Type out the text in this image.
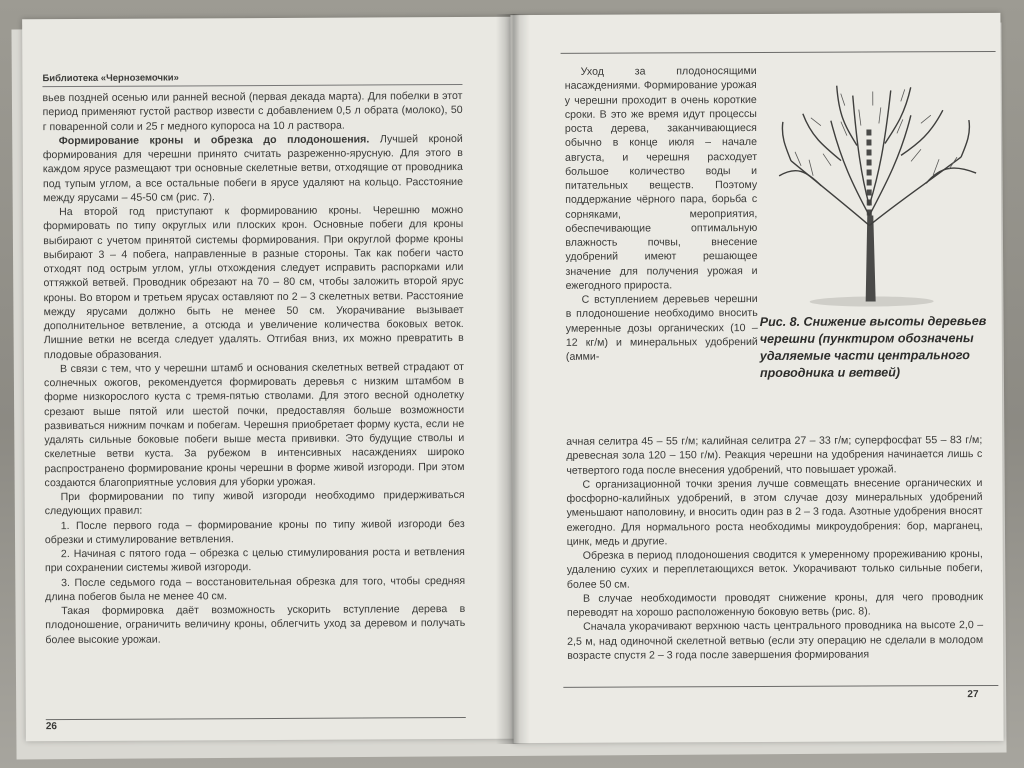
Библиотека «Черноземочки»

вьев поздней осенью или ранней весной (первая декада марта). Для побелки в этот период применяют густой раствор извести с добавлением 0,5 л обрата (молоко), 50 г поваренной соли и 25 г медного купороса на 10 л раствора.

Формирование кроны и обрезка до плодоношения. Лучшей кроной формирования для черешни принято считать разреженно-ярусную. Для этого в каждом ярусе размещают три основные скелетные ветви, отходящие от проводника под тупым углом, а все остальные побеги в ярусе удаляют на кольцо. Расстояние между ярусами – 45-50 см (рис. 7).

На второй год приступают к формированию кроны. Черешню можно формировать по типу округлых или плоских крон. Основные побеги для кроны выбирают с учетом принятой системы формирования. При округлой форме кроны выбирают 3 – 4 побега, направленные в разные стороны. Так как побеги часто отходят под острым углом, углы отхождения следует исправить распорками или оттяжкой ветвей. Проводник обрезают на 70 – 80 см, чтобы заложить второй ярус кроны. Во втором и третьем ярусах оставляют по 2 – 3 скелетных ветви. Расстояние между ярусами должно быть не менее 50 см. Укорачивание вызывает дополнительное ветвление, а отсюда и увеличение количества боковых веток. Лишние ветки не всегда следует удалять. Отгибая вниз, их можно превратить в плодовые образования.

В связи с тем, что у черешни штамб и основания скелетных ветвей страдают от солнечных ожогов, рекомендуется формировать деревья с низким штамбом в форме низкорослого куста с тремя-пятью стволами. Для этого весной однолетку срезают выше пятой или шестой почки, предоставляя больше возможности развиваться нижним почкам и побегам. Черешня приобретает форму куста, если не удалять сильные боковые побеги выше места прививки. Это будущие стволы и скелетные ветви куста. За рубежом в интенсивных насаждениях широко распространено формирование кроны черешни в форме живой изгороди. При этом создаются благоприятные условия для уборки урожая.

При формировании по типу живой изгороди необходимо придерживаться следующих правил:

1. После первого года – формирование кроны по типу живой изгороди без обрезки и стимулирование ветвления.

2. Начиная с пятого года – обрезка с целью стимулирования роста и ветвления при сохранении системы живой изгороди.

3. После седьмого года – восстановительная обрезка для того, чтобы средняя длина побегов была не менее 40 см.

Такая формировка даёт возможность ускорить вступление дерева в плодоношение, ограничить величину кроны, облегчить уход за деревом и получать более высокие урожаи.

26

Уход за плодоносящими насаждениями. Формирование урожая у черешни проходит в очень короткие сроки. В это же время идут процессы роста дерева, заканчивающиеся обычно в конце июля – начале августа, и черешня расходует большое количество воды и питательных веществ. Поэтому поддержание чёрного пара, борьба с сорняками, мероприятия, обеспечивающие оптимальную влажность почвы, внесение удобрений имеют решающее значение для получения урожая и ежегодного прироста.

С вступлением деревьев черешни в плодоношение необходимо вносить умеренные дозы органических (10 – 12 кг/м) и минеральных удобрений (амми-

Рис. 8. Снижение высоты деревьев черешни (пунктиром обозначены удаляемые части центрального проводника и ветвей)

ачная селитра 45 – 55 г/м; калийная селитра 27 – 33 г/м; суперфосфат 55 – 83 г/м; древесная зола 120 – 150 г/м). Реакция черешни на удобрения начинается лишь с четвертого года после внесения удобрений, что повышает урожай.

С организационной точки зрения лучше совмещать внесение органических и фосфорно-калийных удобрений, в этом случае дозу минеральных удобрений уменьшают наполовину, и вносить один раз в 2 – 3 года. Азотные удобрения вносят ежегодно. Для нормального роста необходимы микроудобрения: бор, марганец, цинк, медь и другие.

Обрезка в период плодоношения сводится к умеренному прореживанию кроны, удалению сухих и переплетающихся веток. Укорачивают только сильные побеги, более 50 см.

В случае необходимости проводят снижение кроны, для чего проводник переводят на хорошо расположенную боковую ветвь (рис. 8).

Сначала укорачивают верхнюю часть центрального проводника на высоте 2,0 – 2,5 м, над одиночной скелетной ветвью (если эту операцию не сделали в молодом возрасте спустя 2 – 3 года после завершения формирования

27
